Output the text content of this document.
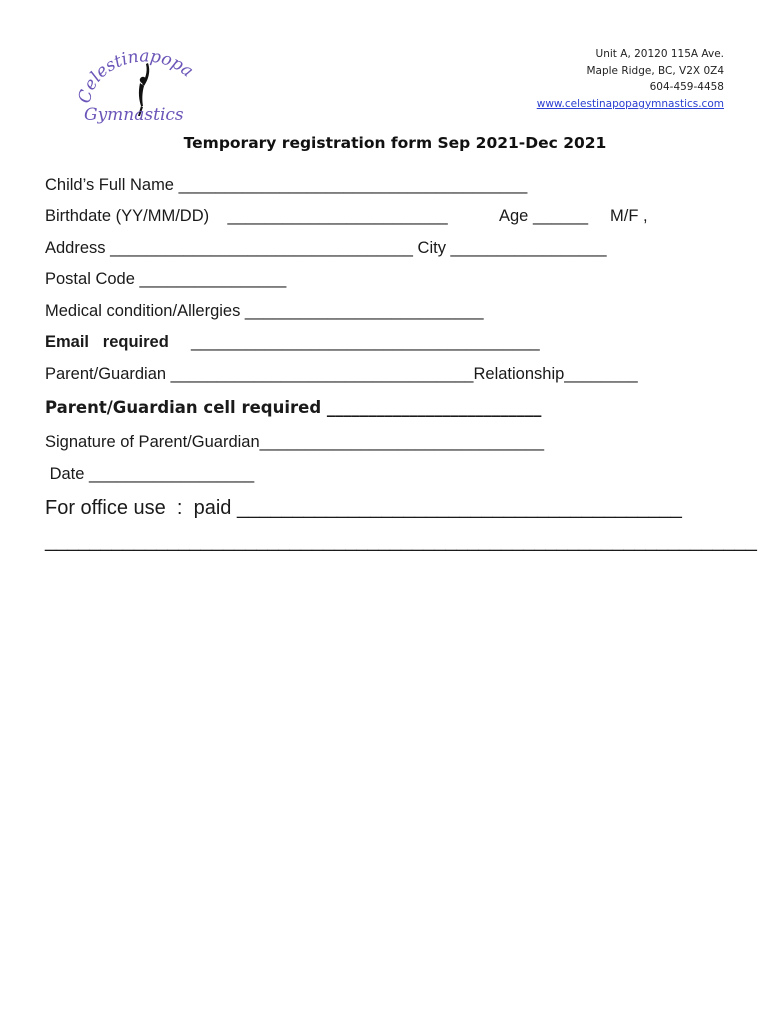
Celestinapopa
Gymnastics
Unit A, 20120 115A Ave.
Maple Ridge, BC, V2X 0Z4
604-459-4458
www.celestinapopagymnastics.com
Temporary registration form Sep 2021-Dec 2021
Child’s Full Name ______________________________________
Birthdate (YY/MM/DD)    ________________________	Age ______ M/F ,
Address _________________________________ City _________________
Postal Code ________________
Medical condition/Allergies __________________________
Email   required ______________________________________
Parent/Guardian _________________________________Relationship________
Parent/Guardian cell required __________________________
Signature of Parent/Guardian_______________________________
Date __________________
For office use  :  paid ________________________________________
________________________________________________________________
